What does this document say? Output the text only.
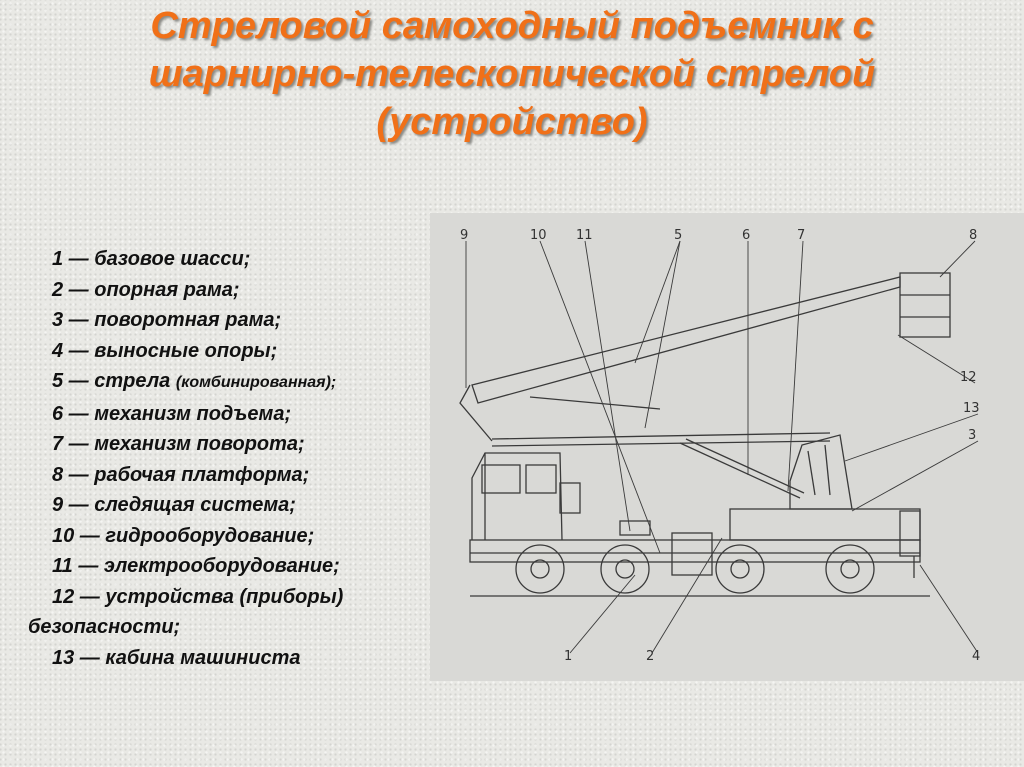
Стреловой самоходный подъемник с
шарнирно-телескопической стрелой
(устройство)
1 — базовое шасси;
2 — опорная рама;
3 — поворотная рама;
4 — выносные опоры;
5 — стрела (комбинированная);
6 — механизм подъема;
7 — механизм поворота;
8 — рабочая платформа;
9 — следящая система;
10 — гидрооборудование;
11 — электрооборудование;
12 — устройства (приборы)
безопасности;
13 — кабина машиниста
9	10 11	5	6	7	8
12
13
3
1	2	4
